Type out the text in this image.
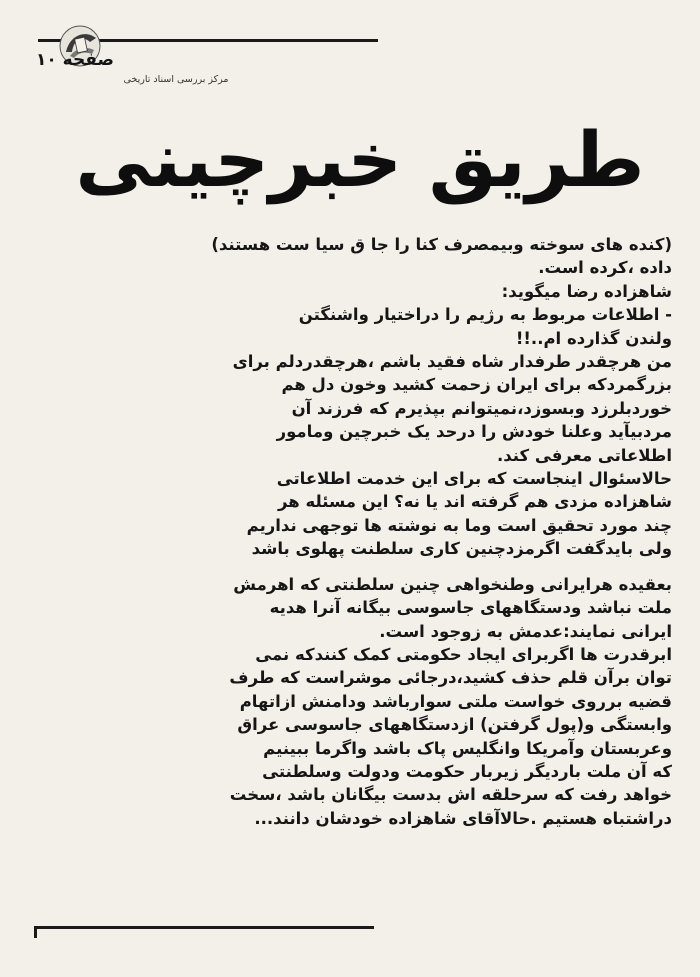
صفحه ۱۰
مرکز بررسی اسناد تاریخی
طریق خبرچینی

(کنده های سوخته وبیمصرف کنا را جا ق سیا ست هستند)
داده ،کرده است.
شاهزاده رضا میگوید:
- اطلاعات مربوط به رژیم را دراختیار واشنگتن
ولندن گذارده ام..!!
من هرچقدر طرفدار شاه فقید باشم ،هرچقدردلم برای
بزرگمردکه برای ایران زحمت کشید وخون دل هم
خوردبلرزد وبسوزد،نمیتوانم بپذیرم که فرزند آن
مردبیآید وعلنا خودش را درحد یک خبرچین ومامور
اطلاعاتی معرفی کند.
حالاسئوال اینجاست که برای این خدمت اطلاعاتی
شاهزاده مزدی هم گرفته اند یا نه؟ این مسئله هر
چند مورد تحقیق است وما به نوشته ها توجهی نداریم
ولی بایدگفت اگرمزدچنین کاری سلطنت پهلوی باشد

بعقیده هرایرانی وطنخواهی چنین سلطنتی که اهرمش
ملت نباشد ودستگاههای جاسوسی بیگانه آنرا هدیه
ایرانی نمایند:عدمش به زوجود است.
ابرقدرت ها اگربرای ایجاد حکومتی کمک کنندکه نمی
توان برآن قلم حذف کشید،درجائی موشراست که طرف
قضیه برروی خواست ملتی سوارباشد ودامنش ازاتهام
وابستگی و(پول گرفتن) ازدستگاههای جاسوسی عراق
وعربستان وآمریکا وانگلیس پاک باشد واگرما ببینیم
که آن ملت بارديگر زيربار حکومت ودولت وسلطنتی
خواهد رفت که سرحلقه اش بدست بیگانان باشد ،سخت
دراشتباه هستیم .حالاآقای شاهزاده خودشان دانند...
